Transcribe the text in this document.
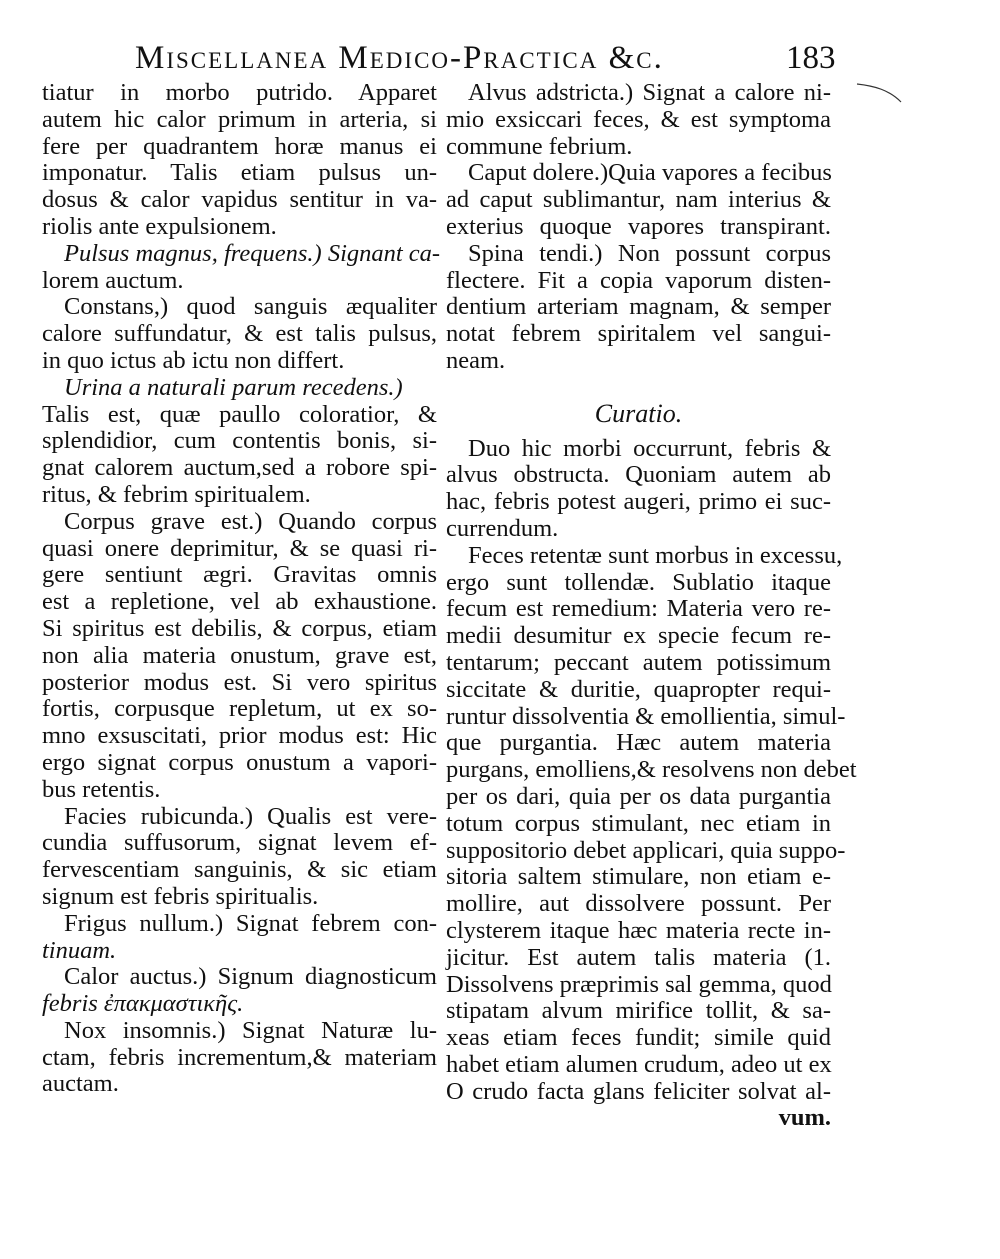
Miscellanea Medico-Practica &c.	183
tiatur in morbo putrido. Apparet
autem hic calor primum in arteria, si
fere per quadrantem horæ manus ei
imponatur. Talis etiam pulsus un-
dosus & calor vapidus sentitur in va-
riolis ante expulsionem.
Pulsus magnus, frequens.) Signant ca-
lorem auctum.
Constans,) quod sanguis æqualiter
calore suffundatur, & est talis pulsus,
in quo ictus ab ictu non differt.
Urina a naturali parum recedens.)
Talis est, quæ paullo coloratior, &
splendidior, cum contentis bonis, si-
gnat calorem auctum,sed a robore spi-
ritus, & febrim spiritualem.
Corpus grave est.) Quando corpus
quasi onere deprimitur, & se quasi ri-
gere sentiunt ægri. Gravitas omnis
est a repletione, vel ab exhaustione.
Si spiritus est debilis, & corpus, etiam
non alia materia onustum, grave est,
posterior modus est. Si vero spiritus
fortis, corpusque repletum, ut ex so-
mno exsuscitati, prior modus est: Hic
ergo signat corpus onustum a vapori-
bus retentis.
Facies rubicunda.) Qualis est vere-
cundia suffusorum, signat levem ef-
fervescentiam sanguinis, & sic etiam
signum est febris spiritualis.
Frigus nullum.) Signat febrem con-
tinuam.
Calor auctus.) Signum diagnosticum
febris ἐπακμαστικῆς.
Nox insomnis.) Signat Naturæ lu-
ctam, febris incrementum,& materiam
auctam.
Alvus adstricta.) Signat a calore ni-
mio exsiccari feces, & est symptoma
commune febrium.
Caput dolere.)Quia vapores a fecibus
ad caput sublimantur, nam interius &
exterius quoque vapores transpirant.
Spina tendi.) Non possunt corpus
flectere. Fit a copia vaporum disten-
dentium arteriam magnam, & semper
notat febrem spiritalem vel sangui-
neam.
Curatio.
Duo hic morbi occurrunt, febris &
alvus obstructa. Quoniam autem ab
hac, febris potest augeri, primo ei suc-
currendum.
Feces retentæ sunt morbus in excessu,
ergo sunt tollendæ. Sublatio itaque
fecum est remedium: Materia vero re-
medii desumitur ex specie fecum re-
tentarum; peccant autem potissimum
siccitate & duritie, quapropter requi-
runtur dissolventia & emollientia, simul-
que purgantia. Hæc autem materia
purgans, emolliens,& resolvens non debet
per os dari, quia per os data purgantia
totum corpus stimulant, nec etiam in
suppositorio debet applicari, quia suppo-
sitoria saltem stimulare, non etiam e-
mollire, aut dissolvere possunt. Per
clysterem itaque hæc materia recte in-
jicitur. Est autem talis materia (1.
Dissolvens præprimis sal gemma, quod
stipatam alvum mirifice tollit, & sa-
xeas etiam feces fundit; simile quid
habet etiam alumen crudum, adeo ut ex
O crudo facta glans feliciter solvat al-
vum.
